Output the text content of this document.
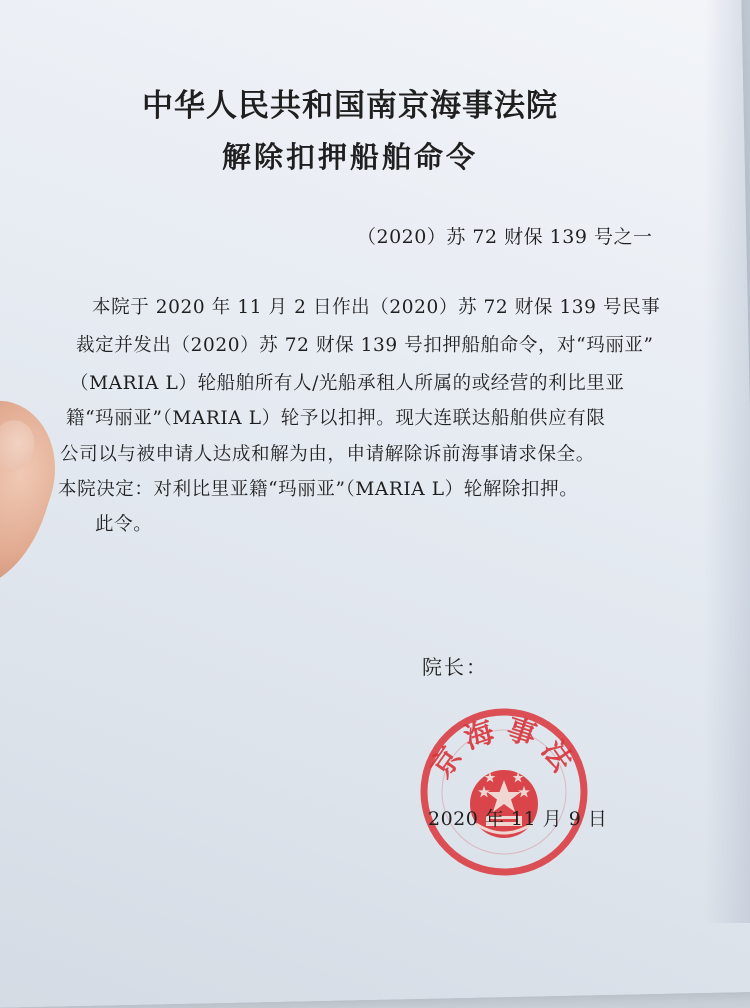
中华人民共和国南京海事法院
解除扣押船舶命令
（2020）苏 72 财保 139 号之一
本院于 2020 年 11 月 2 日作出（2020）苏 72 财保 139 号民事
裁定并发出（2020）苏 72 财保 139 号扣押船舶命令，对“玛丽亚”
（MARIA L）轮船舶所有人/光船承租人所属的或经营的利比里亚
籍“玛丽亚”（MARIA L）轮予以扣押。现大连联达船舶供应有限
公司以与被申请人达成和解为由，申请解除诉前海事请求保全。
本院决定：对利比里亚籍“玛丽亚”（MARIA L）轮解除扣押。
此令。
院长：
京海事法
2020 年 11 月 9 日
